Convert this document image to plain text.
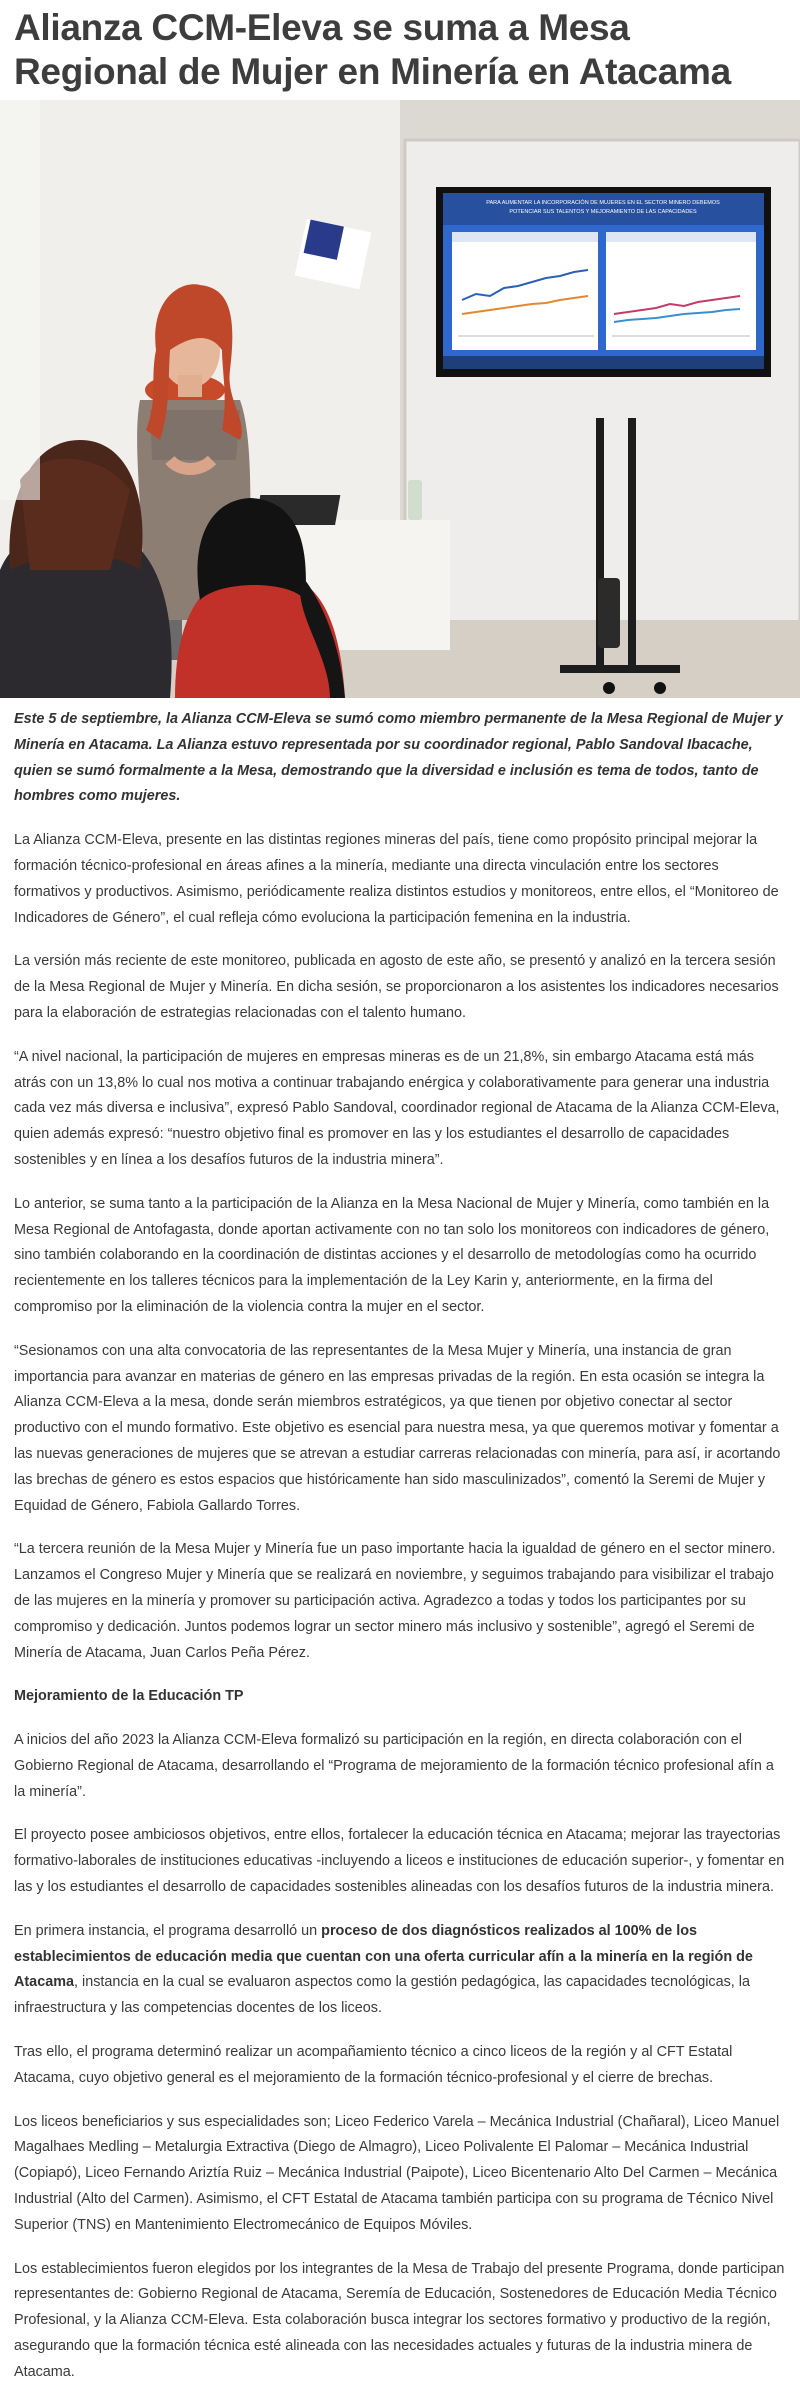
Alianza CCM-Eleva se suma a Mesa Regional de Mujer en Minería en Atacama
PARA AUMENTAR LA INCORPORACIÓN DE MUJERES EN EL SECTOR MINERO DEBEMOS
POTENCIAR SUS TALENTOS Y MEJORAMIENTO DE LAS CAPACIDADES

Este 5 de septiembre, la Alianza CCM-Eleva se sumó como miembro permanente de la Mesa Regional de Mujer y Minería en Atacama. La Alianza estuvo representada por su coordinador regional, Pablo Sandoval Ibacache, quien se sumó formalmente a la Mesa, demostrando que la diversidad e inclusión es tema de todos, tanto de hombres como mujeres.

La Alianza CCM-Eleva, presente en las distintas regiones mineras del país, tiene como propósito principal mejorar la formación técnico-profesional en áreas afines a la minería, mediante una directa vinculación entre los sectores formativos y productivos. Asimismo, periódicamente realiza distintos estudios y monitoreos, entre ellos, el “Monitoreo de Indicadores de Género”, el cual refleja cómo evoluciona la participación femenina en la industria.

La versión más reciente de este monitoreo, publicada en agosto de este año, se presentó y analizó en la tercera sesión de la Mesa Regional de Mujer y Minería. En dicha sesión, se proporcionaron a los asistentes los indicadores necesarios para la elaboración de estrategias relacionadas con el talento humano.

“A nivel nacional, la participación de mujeres en empresas mineras es de un 21,8%, sin embargo Atacama está más atrás con un 13,8% lo cual nos motiva a continuar trabajando enérgica y colaborativamente para generar una industria cada vez más diversa e inclusiva”, expresó Pablo Sandoval, coordinador regional de Atacama de la Alianza CCM-Eleva, quien además expresó: “nuestro objetivo final es promover en las y los estudiantes el desarrollo de capacidades sostenibles y en línea a los desafíos futuros de la industria minera”.

Lo anterior, se suma tanto a la participación de la Alianza en la Mesa Nacional de Mujer y Minería, como también en la Mesa Regional de Antofagasta, donde aportan activamente con no tan solo los monitoreos con indicadores de género, sino también colaborando en la coordinación de distintas acciones y el desarrollo de metodologías como ha ocurrido recientemente en los talleres técnicos para la implementación de la Ley Karin y, anteriormente, en la firma del compromiso por la eliminación de la violencia contra la mujer en el sector.

“Sesionamos con una alta convocatoria de las representantes de la Mesa Mujer y Minería, una instancia de gran importancia para avanzar en materias de género en las empresas privadas de la región. En esta ocasión se integra la Alianza CCM-Eleva a la mesa, donde serán miembros estratégicos, ya que tienen por objetivo conectar al sector productivo con el mundo formativo. Este objetivo es esencial para nuestra mesa, ya que queremos motivar y fomentar a las nuevas generaciones de mujeres que se atrevan a estudiar carreras relacionadas con minería, para así, ir acortando las brechas de género es estos espacios que históricamente han sido masculinizados”, comentó la Seremi de Mujer y Equidad de Género, Fabiola Gallardo Torres.

“La tercera reunión de la Mesa Mujer y Minería fue un paso importante hacia la igualdad de género en el sector minero. Lanzamos el Congreso Mujer y Minería que se realizará en noviembre, y seguimos trabajando para visibilizar el trabajo de las mujeres en la minería y promover su participación activa. Agradezco a todas y todos los participantes por su compromiso y dedicación. Juntos podemos lograr un sector minero más inclusivo y sostenible”, agregó el Seremi de Minería de Atacama, Juan Carlos Peña Pérez.

Mejoramiento de la Educación TP

A inicios del año 2023 la Alianza CCM-Eleva formalizó su participación en la región, en directa colaboración con el Gobierno Regional de Atacama, desarrollando el “Programa de mejoramiento de la formación técnico profesional afín a la minería”.

El proyecto posee ambiciosos objetivos, entre ellos, fortalecer la educación técnica en Atacama; mejorar las trayectorias formativo-laborales de instituciones educativas -incluyendo a liceos e instituciones de educación superior-, y fomentar en las y los estudiantes el desarrollo de capacidades sostenibles alineadas con los desafíos futuros de la industria minera.

En primera instancia, el programa desarrolló un proceso de dos diagnósticos realizados al 100% de los establecimientos de educación media que cuentan con una oferta curricular afín a la minería en la región de Atacama, instancia en la cual se evaluaron aspectos como la gestión pedagógica, las capacidades tecnológicas, la infraestructura y las competencias docentes de los liceos.

Tras ello, el programa determinó realizar un acompañamiento técnico a cinco liceos de la región y al CFT Estatal Atacama, cuyo objetivo general es el mejoramiento de la formación técnico-profesional y el cierre de brechas.

Los liceos beneficiarios y sus especialidades son; Liceo Federico Varela – Mecánica Industrial (Chañaral), Liceo Manuel Magalhaes Medling – Metalurgia Extractiva (Diego de Almagro), Liceo Polivalente El Palomar – Mecánica Industrial (Copiapó), Liceo Fernando Ariztía Ruiz – Mecánica Industrial (Paipote), Liceo Bicentenario Alto Del Carmen – Mecánica Industrial (Alto del Carmen). Asimismo, el CFT Estatal de Atacama también participa con su programa de Técnico Nivel Superior (TNS) en Mantenimiento Electromecánico de Equipos Móviles.

Los establecimientos fueron elegidos por los integrantes de la Mesa de Trabajo del presente Programa, donde participan representantes de: Gobierno Regional de Atacama, Seremía de Educación, Sostenedores de Educación Media Técnico Profesional, y la Alianza CCM-Eleva. Esta colaboración busca integrar los sectores formativo y productivo de la región, asegurando que la formación técnica esté alineada con las necesidades actuales y futuras de la industria minera de Atacama.
